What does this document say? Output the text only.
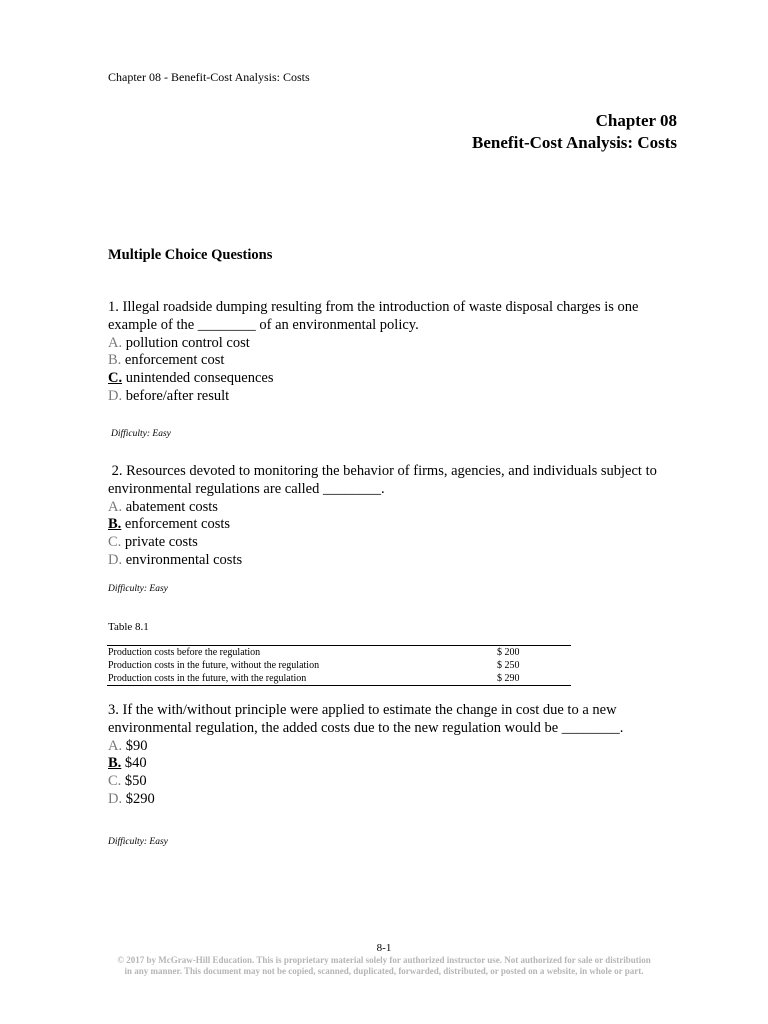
Chapter 08 - Benefit-Cost Analysis: Costs
Chapter 08
Benefit-Cost Analysis: Costs
Multiple Choice Questions

1. Illegal roadside dumping resulting from the introduction of waste disposal charges is one

example of the ________ of an environmental policy.

A. pollution control cost

B. enforcement cost

C. unintended consequences

D. before/after result

Difficulty: Easy

2. Resources devoted to monitoring the behavior of firms, agencies, and individuals subject to

environmental regulations are called ________.

A. abatement costs

B. enforcement costs

C. private costs

D. environmental costs

Difficulty: Easy
Table 8.1
Production costs before the regulation	$ 200
Production costs in the future, without the regulation	$ 250
Production costs in the future, with the regulation	$ 290

3. If the with/without principle were applied to estimate the change in cost due to a new

environmental regulation, the added costs due to the new regulation would be ________.

A. $90

B. $40

C. $50

D. $290

Difficulty: Easy
8-1
© 2017 by McGraw-Hill Education. This is proprietary material solely for authorized instructor use. Not authorized for sale or distribution
in any manner. This document may not be copied, scanned, duplicated, forwarded, distributed, or posted on a website, in whole or part.
